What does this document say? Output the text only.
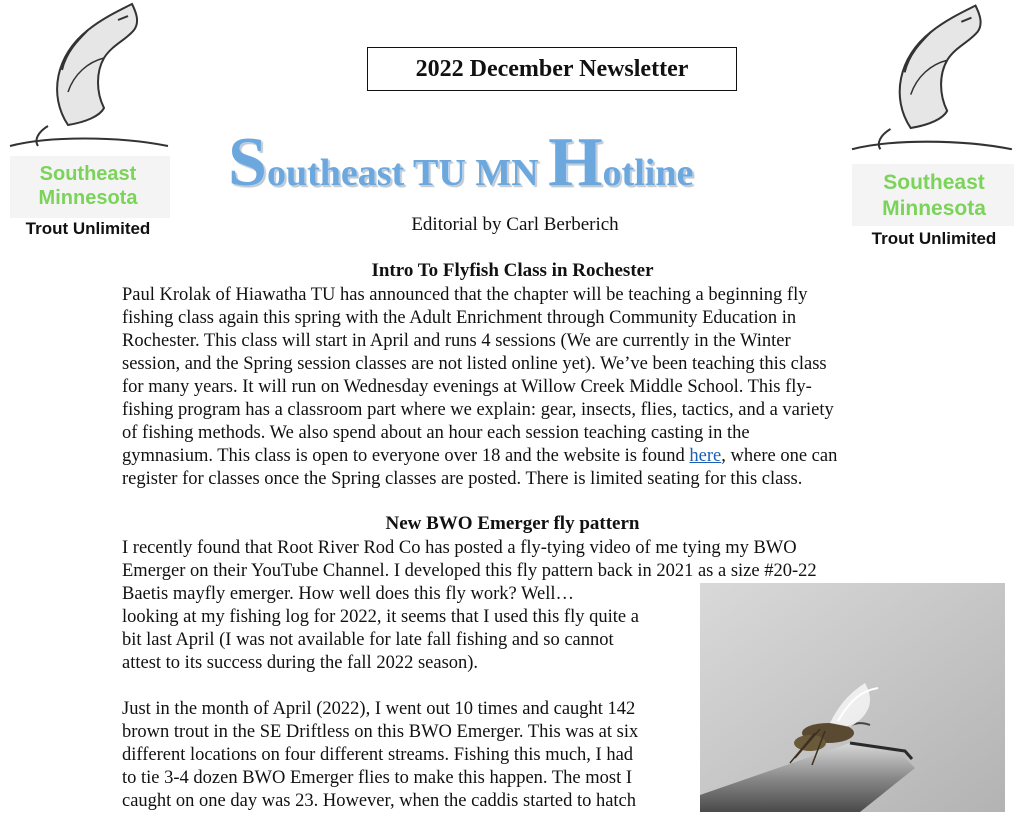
Southeast
Minnesota
Trout Unlimited
Southeast
Minnesota
Trout Unlimited
2022 December Newsletter
Southeast TU MN Hotline
Editorial by Carl Berberich
Intro To Flyfish Class in Rochester
Paul Krolak of Hiawatha TU has announced that the chapter will be teaching a beginning fly
fishing class again this spring with the Adult Enrichment through Community Education in
Rochester. This class will start in April and runs 4 sessions (We are currently in the Winter
session, and the Spring session classes are not listed online yet). We’ve been teaching this class
for many years. It will run on Wednesday evenings at Willow Creek Middle School. This fly-
fishing program has a classroom part where we explain: gear, insects, flies, tactics, and a variety
of fishing methods. We also spend about an hour each session teaching casting in the
gymnasium. This class is open to everyone over 18 and the website is found here, where one can
register for classes once the Spring classes are posted. There is limited seating for this class.
New BWO Emerger fly pattern
I recently found that Root River Rod Co has posted a fly-tying video of me tying my BWO
Emerger on their YouTube Channel. I developed this fly pattern back in 2021 as a size #20-22
Baetis mayfly emerger. How well does this fly work? Well…
looking at my fishing log for 2022, it seems that I used this fly quite a
bit last April (I was not available for late fall fishing and so cannot
attest to its success during the fall 2022 season).
Just in the month of April (2022), I went out 10 times and caught 142
brown trout in the SE Driftless on this BWO Emerger. This was at six
different locations on four different streams. Fishing this much, I had
to tie 3-4 dozen BWO Emerger flies to make this happen. The most I
caught on one day was 23. However, when the caddis started to hatch
